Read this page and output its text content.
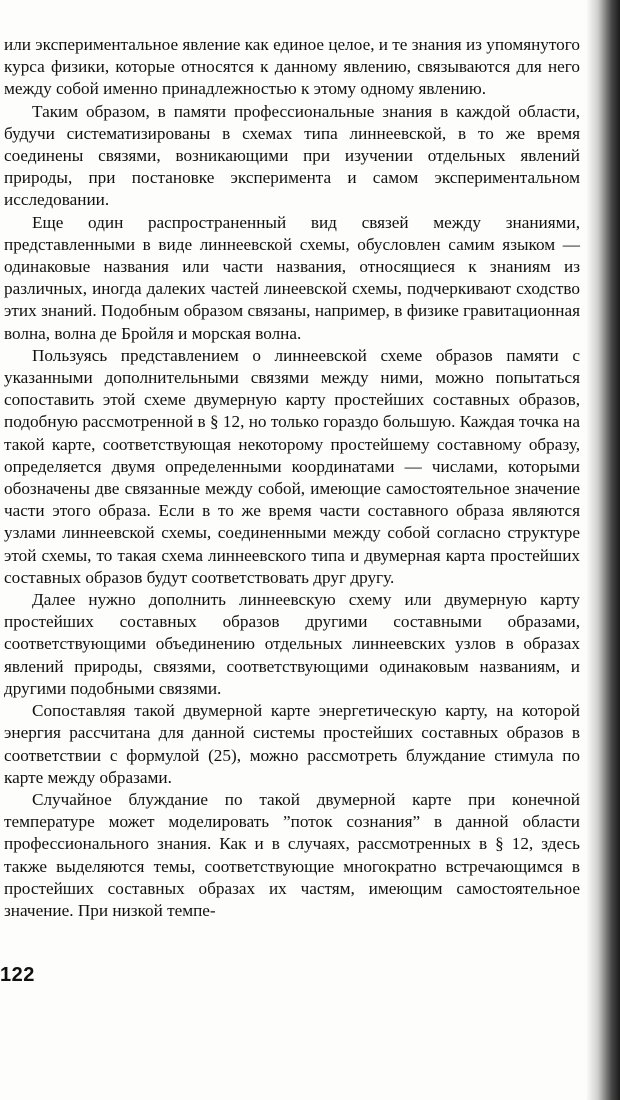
или экспериментальное явление как единое целое, и те знания из упомянутого курса физики, которые относятся к данному явлению, связываются для него между собой именно принадлежностью к этому одному явлению.

Таким образом, в памяти профессиональные знания в каждой области, будучи систематизированы в схемах типа линнеевской, в то же время соединены связями, возникающими при изучении отдельных явлений природы, при постановке эксперимента и самом экспериментальном исследовании.

Еще один распространенный вид связей между знаниями, представленными в виде линнеевской схемы, обусловлен самим языком — одинаковые названия или части названия, относящиеся к знаниям из различных, иногда далеких частей линеевской схемы, подчеркивают сходство этих знаний. Подобным образом связаны, например, в физике гравитационная волна, волна де Бройля и морская волна.

Пользуясь представлением о линнеевской схеме образов памяти с указанными дополнительными связями между ними, можно попытаться сопоставить этой схеме двумерную карту простейших составных образов, подобную рассмотренной в § 12, но только гораздо большую. Каждая точка на такой карте, соответствующая некоторому простейшему составному образу, определяется двумя определенными координатами — числами, которыми обозначены две связанные между собой, имеющие самостоятельное значение части этого образа. Если в то же время части составного образа являются узлами линнеевской схемы, соединенными между собой согласно структуре этой схемы, то такая схема линнеевского типа и двумерная карта простейших составных образов будут соответствовать друг другу.

Далее нужно дополнить линнеевскую схему или двумерную карту простейших составных образов другими составными образами, соответствующими объединению отдельных линнеевских узлов в образах явлений природы, связями, соответствующими одинаковым названиям, и другими подобными связями.

Сопоставляя такой двумерной карте энергетическую карту, на которой энергия рассчитана для данной системы простейших составных образов в соответствии с формулой (25), можно рассмотреть блуждание стимула по карте между образами.

Случайное блуждание по такой двумерной карте при конечной температуре может моделировать ”поток сознания” в данной области профессионального знания. Как и в случаях, рассмотренных в § 12, здесь также выделяются темы, соответствующие многократно встречающимся в простейших составных образах их частям, имеющим самостоятельное значение. При низкой темпе-

122
